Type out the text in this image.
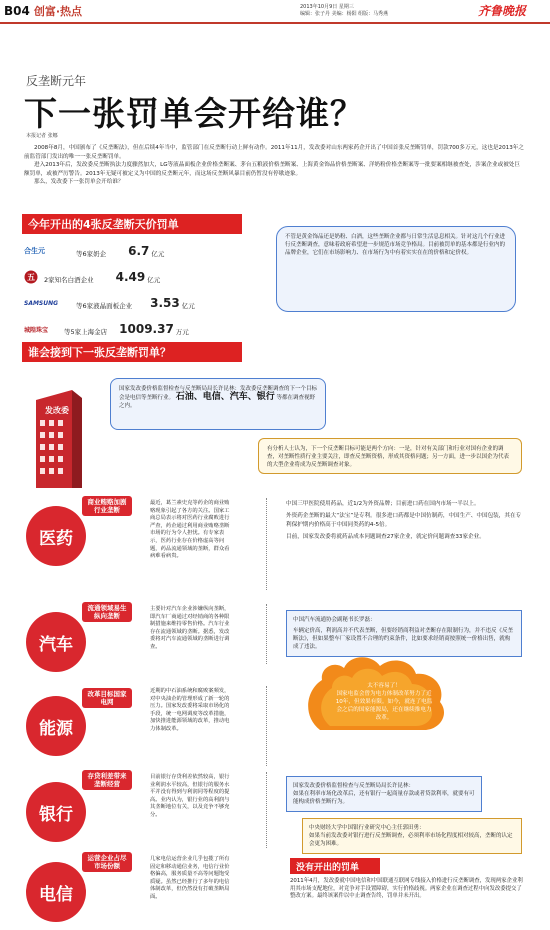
B04 创富·热点	2013年10月9日 星期三
编辑：张子丹 美编：杨阳 组版：马秀燕	齐鲁晚报
反垄断元年
下一张罚单会开给谁？
本报记者 张娜

2008年8月，中国颁布了《反垄断法》，但在后续4年当中，监管部门在反垄断行动上鲜有动作。2011年11月，发改委对山东两家药企开出了中国首张反垄断罚单，罚款700多万元，这也是2013年之前监管部门发出的唯一一张反垄断罚单。

进入2013年后，发改委反垄断执法力度骤然加大，LG等液晶面板企业价格垄断案、茅台五粮液价格垄断案、上海黄金饰品价格垄断案、洋奶粉价格垄断案等一批要案相继被查处，涉案企业或被处巨额罚单，或被严厉警告。2013年无疑可被定义为中国的反垄断元年，而这场反垄断风暴目前仍暂没有停歇迹象。

那么，发改委下一张罚单会开给谁？

今年开出的4张反垄断天价罚单
合生元	等6家奶企 6.7 亿元
五 2家知名白酒企业 4.49 亿元
SAMSUNG	等6家液晶面板企业 3.53 亿元
城隍珠宝	等5家上海金店 1009.37 万元
不管是黄金饰品还是奶粉、白酒，这些垄断企业都与日常生活息息相关。针对这几个行业进行反垄断调查，意味着政府希望进一步规范市场竞争格局。目前被罚单的基本都是行业内的品牌企业，它们在市场影响力、在市场行为中有着实实在在的价格和定价权。
谁会接到下一张反垄断罚单？
发改委
国家发改委价格监督检查与反垄断局局长许昆林：发改委反垄断调查的下一个目标会是电信等垄断行业。 石油、电信、汽车、银行 等都在调查视野之内。
有分析人士认为，下一个反垄断目标可能是两个方向：一是，针对有关部门和行业对国有企业的调查，对垄断性质行业主要关注，即查反垄断资格，形成其资格问题；另一方面，进一步以国企为代表的大型企业将成为反垄断调查对象。
商业贿赂加剧行业垄断
医药
最近，葛兰素史克等药企的商业贿赂现象引起了各方的关注。国家工商总局表示将对医药行业腐败进行严查，药企通过利用商业贿赂垄断市场的行为令人担忧。有专家表示，医药行业存在价格虚高等问题，药品流通领域的垄断，群众看病难看病贵。

中国三甲医院使用药品，近1/2为外资品牌；目前进口药在国内市场一半以上。

外资药企垄断的最大“法宝”是专利。很多进口药都是中国仿制药，中国生产、中国包装，其在专利保护期内价格高于中国同类药的4-5倍。

目前，国家发改委将就药品成本问题调查27家企业，就定价问题调查33家企业。

流通领域易生纵向垄断
汽车
主要针对汽车企业涉嫌纵向垄断，即汽车厂商通过对经销商的各种限制措施来维持零售价格。汽车行业存在流通领域的垄断。据悉，发改委将对汽车流通领域的垄断进行调查。

中国汽车流通协会副秘书长罗磊：

车辆定价高，利润高并不代表垄断，但要经销商利益对垄断存在限制行为，并不违反《反垄断法》，但如果整车厂家设置不合理的约束条件，比如要求经销商按照统一价格出售，就构成了违法。

改革目标国家电网
能源
近期的中石油系统和腐败案频发，对中央油企的管理形成了新一轮的压力。国家发改委将采取市场化的手段，统一电网调度等改革措施，加快推进能源领域的改革，推动电力体制改革。

太不容易了！

国家电监会曾为电力体制改革努力了近10年，但效果有限。如今，就连了电监会之后的国家能源局，还在继续推电力改革。

存贷利差带来垄断经营
银行
目前银行存贷利差依然较高，银行业利润水平较高，但银行的服务水平并没有得到与利润同等程度的提高。业内认为，银行业的高利润与其垄断地位有关，以及竞争不够充分。

国家发改委价格监督检查与反垄断局局长许昆林：

如果在利率市场化改革后，还有银行一起商量存款或者贷款利率，就要有可能构成价格垄断行为。

中央财经大学中国银行业研究中心主任郭田勇：

如果当前发改委对银行进行反垄断调查，必须利率市场化程度相对较高，垄断的认定会更为困难。

运营企业占尽市场份额
电信
几家电信运营企业几乎包揽了所有固定和移动通信业务，电信行业价格偏高，服务质量不高等问题饱受质疑。虽然已经推行了多年的电信体制改革，但仍然没有打破垄断局面。
没有开出的罚单
2011年4月，发改委就中国电信和中国联通互联网专线接入价格进行反垄断调查，发现两家企业利用其市场支配地位，对竞争对手设置障碍，实行价格歧视。两家企业在调查过程中向发改委提交了整改方案。最终该案件以中止调查告终，罚单并未开出。
